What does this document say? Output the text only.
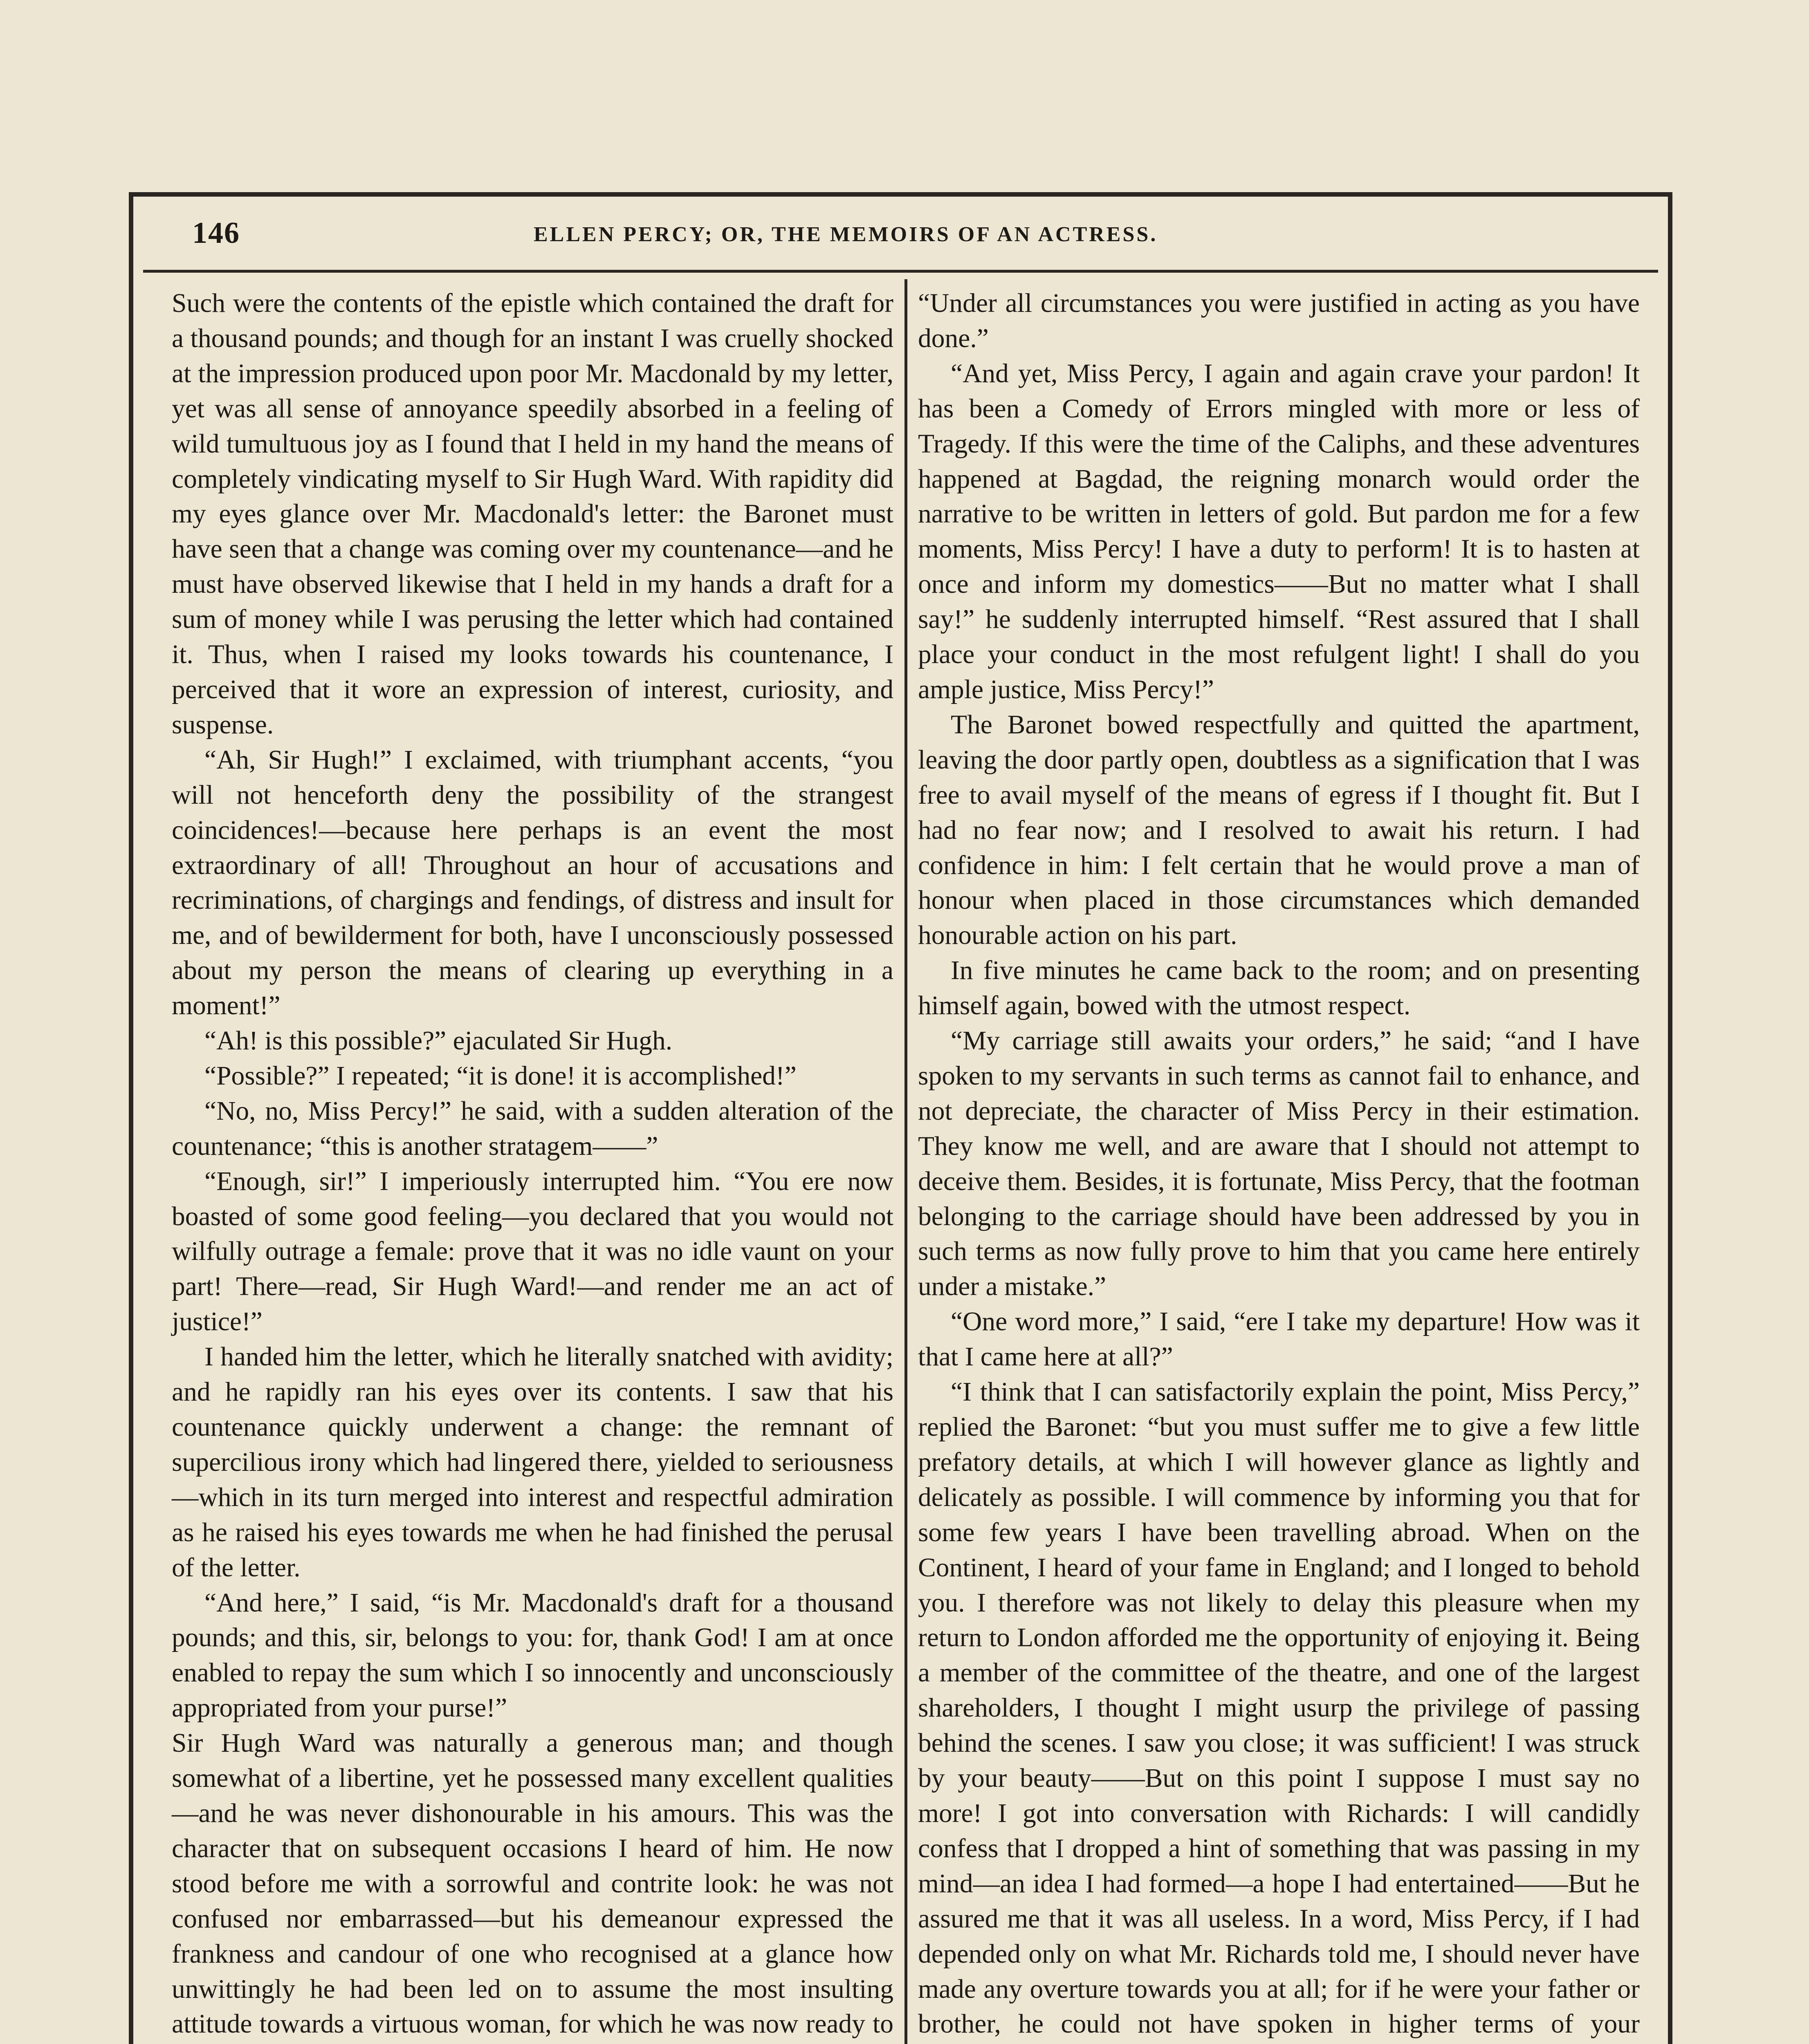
146	ELLEN PERCY; OR, THE MEMOIRS OF AN ACTRESS.

Such were the contents of the epistle which contained the draft for a thousand pounds; and though for an instant I was cruelly shocked at the impression produced upon poor Mr. Macdonald by my letter, yet was all sense of annoyance speedily absorbed in a feeling of wild tumultuous joy as I found that I held in my hand the means of completely vindicating myself to Sir Hugh Ward. With rapidity did my eyes glance over Mr. Macdonald's letter: the Baronet must have seen that a change was coming over my countenance—and he must have observed likewise that I held in my hands a draft for a sum of money while I was perusing the letter which had contained it. Thus, when I raised my looks towards his countenance, I perceived that it wore an expression of interest, curiosity, and suspense.

“Ah, Sir Hugh!” I exclaimed, with triumphant accents, “you will not henceforth deny the possibility of the strangest coincidences!—because here perhaps is an event the most extraordinary of all! Throughout an hour of accusations and recriminations, of chargings and fendings, of distress and insult for me, and of bewilderment for both, have I unconsciously possessed about my person the means of clearing up everything in a moment!”

“Ah! is this possible?” ejaculated Sir Hugh.

“Possible?” I repeated; “it is done! it is accomplished!”

“No, no, Miss Percy!” he said, with a sudden alteration of the countenance; “this is another stratagem——”

“Enough, sir!” I imperiously interrupted him. “You ere now boasted of some good feeling—you declared that you would not wilfully outrage a female: prove that it was no idle vaunt on your part! There—read, Sir Hugh Ward!—and render me an act of justice!”

I handed him the letter, which he literally snatched with avidity; and he rapidly ran his eyes over its contents. I saw that his countenance quickly underwent a change: the remnant of supercilious irony which had lingered there, yielded to seriousness—which in its turn merged into interest and respectful admiration as he raised his eyes towards me when he had finished the perusal of the letter.

“And here,” I said, “is Mr. Macdonald's draft for a thousand pounds; and this, sir, belongs to you: for, thank God! I am at once enabled to repay the sum which I so innocently and unconsciously appropriated from your purse!”

Sir Hugh Ward was naturally a generous man; and though somewhat of a libertine, yet he possessed many excellent qualities—and he was never dishonourable in his amours. This was the character that on subsequent occasions I heard of him. He now stood before me with a sorrowful and contrite look: he was not confused nor embarrassed—but his demeanour expressed the frankness and candour of one who recognised at a glance how unwittingly he had been led on to assume the most insulting attitude towards a virtuous woman, for which he was now ready to

“Under all circumstances you were justified in acting as you have done.”

“And yet, Miss Percy, I again and again crave your pardon! It has been a Comedy of Errors mingled with more or less of Tragedy. If this were the time of the Caliphs, and these adventures happened at Bagdad, the reigning monarch would order the narrative to be written in letters of gold. But pardon me for a few moments, Miss Percy! I have a duty to perform! It is to hasten at once and inform my domestics——But no matter what I shall say!” he suddenly interrupted himself. “Rest assured that I shall place your conduct in the most refulgent light! I shall do you ample justice, Miss Percy!”

The Baronet bowed respectfully and quitted the apartment, leaving the door partly open, doubtless as a signification that I was free to avail myself of the means of egress if I thought fit. But I had no fear now; and I resolved to await his return. I had confidence in him: I felt certain that he would prove a man of honour when placed in those circumstances which demanded honourable action on his part.

In five minutes he came back to the room; and on presenting himself again, bowed with the utmost respect.

“My carriage still awaits your orders,” he said; “and I have spoken to my servants in such terms as cannot fail to enhance, and not depreciate, the character of Miss Percy in their estimation. They know me well, and are aware that I should not attempt to deceive them. Besides, it is fortunate, Miss Percy, that the footman belonging to the carriage should have been addressed by you in such terms as now fully prove to him that you came here entirely under a mistake.”

“One word more,” I said, “ere I take my departure! How was it that I came here at all?”

“I think that I can satisfactorily explain the point, Miss Percy,” replied the Baronet: “but you must suffer me to give a few little prefatory details, at which I will however glance as lightly and delicately as possible. I will commence by informing you that for some few years I have been travelling abroad. When on the Continent, I heard of your fame in England; and I longed to behold you. I therefore was not likely to delay this pleasure when my return to London afforded me the opportunity of enjoying it. Being a member of the committee of the theatre, and one of the largest shareholders, I thought I might usurp the privilege of passing behind the scenes. I saw you close; it was sufficient! I was struck by your beauty——But on this point I suppose I must say no more! I got into conversation with Richards: I will candidly confess that I dropped a hint of something that was passing in my mind—an idea I had formed—a hope I had entertained——But he assured me that it was all useless. In a word, Miss Percy, if I had depended only on what Mr. Richards told me, I should never have made any overture towards you at all; for if he were your father or brother, he could not have spoken in higher terms of your
